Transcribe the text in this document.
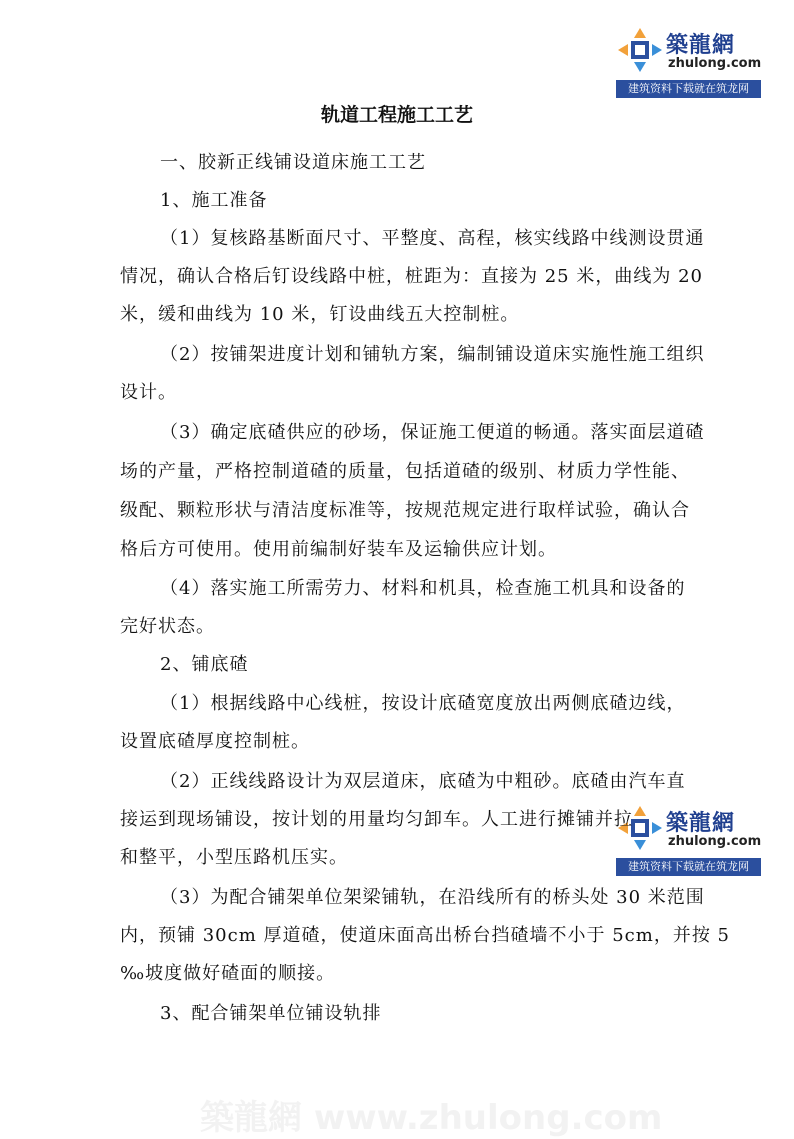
築龍網
zhulong.com
建筑资料下载就在筑龙网
築龍網
zhulong.com
建筑资料下载就在筑龙网
轨道工程施工工艺
一、胶新正线铺设道床施工工艺
1、施工准备
（1）复核路基断面尺寸、平整度、高程，核实线路中线测设贯通
情况，确认合格后钉设线路中桩，桩距为：直接为 25 米，曲线为 20
米，缓和曲线为 10 米，钉设曲线五大控制桩。
（2）按铺架进度计划和铺轨方案，编制铺设道床实施性施工组织
设计。
（3）确定底碴供应的砂场，保证施工便道的畅通。落实面层道碴
场的产量，严格控制道碴的质量，包括道碴的级别、材质力学性能、
级配、颗粒形状与清洁度标准等，按规范规定进行取样试验，确认合
格后方可使用。使用前编制好装车及运输供应计划。
（4）落实施工所需劳力、材料和机具，检查施工机具和设备的
完好状态。
2、铺底碴
（1）根据线路中心线桩，按设计底碴宽度放出两侧底碴边线，
设置底碴厚度控制桩。
（2）正线线路设计为双层道床，底碴为中粗砂。底碴由汽车直
接运到现场铺设，按计划的用量均匀卸车。人工进行摊铺并拉
和整平，小型压路机压实。
（3）为配合铺架单位架梁铺轨，在沿线所有的桥头处 30 米范围
内，预铺 30cm 厚道碴，使道床面高出桥台挡碴墙不小于 5cm，并按 5
‰坡度做好碴面的顺接。
3、配合铺架单位铺设轨排
築龍網 www.zhulong.com
